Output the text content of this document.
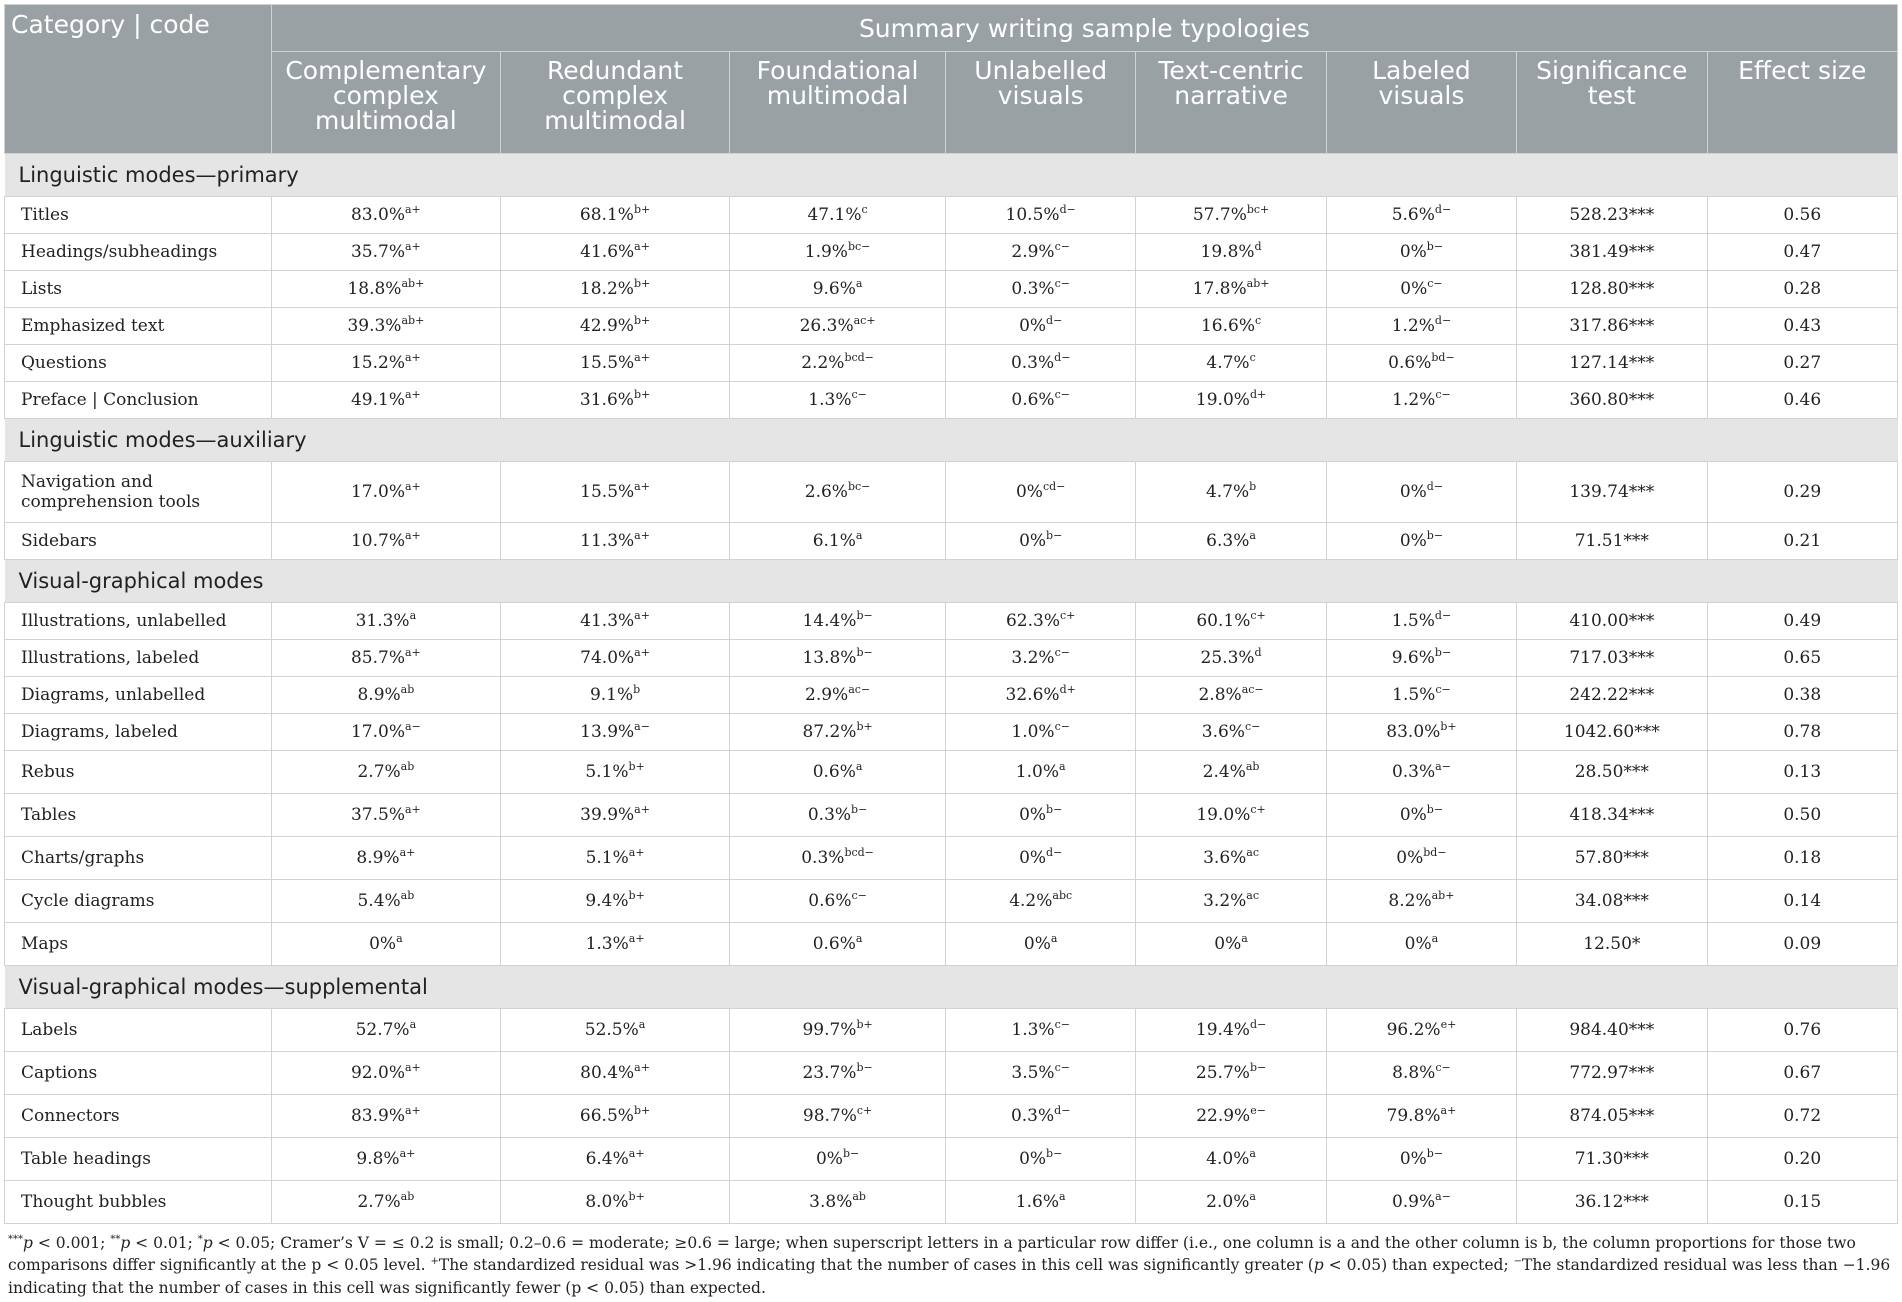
Category | code	Summary writing sample typologies							
	Complementary complex multimodal	Redundant complex multimodal	Foundational multimodal	Unlabelled visuals	Text-centric narrative	Labeled visuals	Significance test	Effect size
Linguistic modes—primary								
Titles	83.0%$^{a+}$	68.1%$^{b+}$	47.1%$^c$	10.5%$^{d-}$	57.7%$^{bc+}$	5.6%$^{d-}$	528.23***	0.56
Headings/subheadings	35.7%$^{a+}$	41.6%$^{a+}$	1.9%$^{bc-}$	2.9%$^{c-}$	19.8%$^d$	0%$^{b-}$	381.49***	0.47
Lists	18.8%$^{ab+}$	18.2%$^{b+}$	9.6%$^a$	0.3%$^{c-}$	17.8%$^{ab+}$	0%$^{c-}$	128.80***	0.28
Emphasized text	39.3%$^{ab+}$	42.9%$^{b+}$	26.3%$^{ac+}$	0%$^{d-}$	16.6%$^c$	1.2%$^{d-}$	317.86***	0.43
Questions	15.2%$^{a+}$	15.5%$^{a+}$	2.2%$^{bcd-}$	0.3%$^{d-}$	4.7%$^c$	0.6%$^{bd-}$	127.14***	0.27
Preface | Conclusion	49.1%$^{a+}$	31.6%$^{b+}$	1.3%$^{c-}$	0.6%$^{c-}$	19.0%$^{d+}$	1.2%$^{c-}$	360.80***	0.46
Linguistic modes—auxiliary								
Navigation and comprehension tools	17.0%$^{a+}$	15.5%$^{a+}$	2.6%$^{bc-}$	0%$^{cd-}$	4.7%$^b$	0%$^{d-}$	139.74***	0.29
Sidebars	10.7%$^{a+}$	11.3%$^{a+}$	6.1%$^a$	0%$^{b-}$	6.3%$^a$	0%$^{b-}$	71.51***	0.21
Visual-graphical modes								
Illustrations, unlabelled	31.3%$^a$	41.3%$^{a+}$	14.4%$^{b-}$	62.3%$^{c+}$	60.1%$^{c+}$	1.5%$^{d-}$	410.00***	0.49
Illustrations, labeled	85.7%$^{a+}$	74.0%$^{a+}$	13.8%$^{b-}$	3.2%$^{c-}$	25.3%$^d$	9.6%$^{b-}$	717.03***	0.65
Diagrams, unlabelled	8.9%$^{ab}$	9.1%$^b$	2.9%$^{ac-}$	32.6%$^{d+}$	2.8%$^{ac-}$	1.5%$^{c-}$	242.22***	0.38
Diagrams, labeled	17.0%$^{a-}$	13.9%$^{a-}$	87.2%$^{b+}$	1.0%$^{c-}$	3.6%$^{c-}$	83.0%$^{b+}$	1042.60***	0.78
Rebus	2.7%$^{ab}$	5.1%$^{b+}$	0.6%$^a$	1.0%$^a$	2.4%$^{ab}$	0.3%$^{a-}$	28.50***	0.13
Tables	37.5%$^{a+}$	39.9%$^{a+}$	0.3%$^{b-}$	0%$^{b-}$	19.0%$^{c+}$	0%$^{b-}$	418.34***	0.50
Charts/graphs	8.9%$^{a+}$	5.1%$^{a+}$	0.3%$^{bcd-}$	0%$^{d-}$	3.6%$^{ac}$	0%$^{bd-}$	57.80***	0.18
Cycle diagrams	5.4%$^{ab}$	9.4%$^{b+}$	0.6%$^{c-}$	4.2%$^{abc}$	3.2%$^{ac}$	8.2%$^{ab+}$	34.08***	0.14
Maps	0%$^a$	1.3%$^{a+}$	0.6%$^a$	0%$^a$	0%$^a$	0%$^a$	12.50*	0.09
Visual-graphical modes—supplemental								
Labels	52.7%$^a$	52.5%$^a$	99.7%$^{b+}$	1.3%$^{c-}$	19.4%$^{d-}$	96.2%$^{e+}$	984.40***	0.76
Captions	92.0%$^{a+}$	80.4%$^{a+}$	23.7%$^{b-}$	3.5%$^{c-}$	25.7%$^{b-}$	8.8%$^{c-}$	772.97***	0.67
Connectors	83.9%$^{a+}$	66.5%$^{b+}$	98.7%$^{c+}$	0.3%$^{d-}$	22.9%$^{e-}$	79.8%$^{a+}$	874.05***	0.72
Table headings	9.8%$^{a+}$	6.4%$^{a+}$	0%$^{b-}$	0%$^{b-}$	4.0%$^a$	0%$^{b-}$	71.30***	0.20
Thought bubbles	2.7%$^{ab}$	8.0%$^{b+}$	3.8%$^{ab}$	1.6%$^a$	2.0%$^a$	0.9%$^{a-}$	36.12***	0.15
***p < 0.001; **p < 0.01; *p < 0.05; Cramer’s V = ≤ 0.2 is small; 0.2–0.6 = moderate; ≥0.6 = large; when superscript letters in a particular row differ (i.e., one column is a and the other column is b, the column proportions for those two comparisons differ significantly at the p < 0.05 level. +The standardized residual was >1.96 indicating that the number of cases in this cell was significantly greater (p < 0.05) than expected; −The standardized residual was less than −1.96 indicating that the number of cases in this cell was significantly fewer (p < 0.05) than expected.
